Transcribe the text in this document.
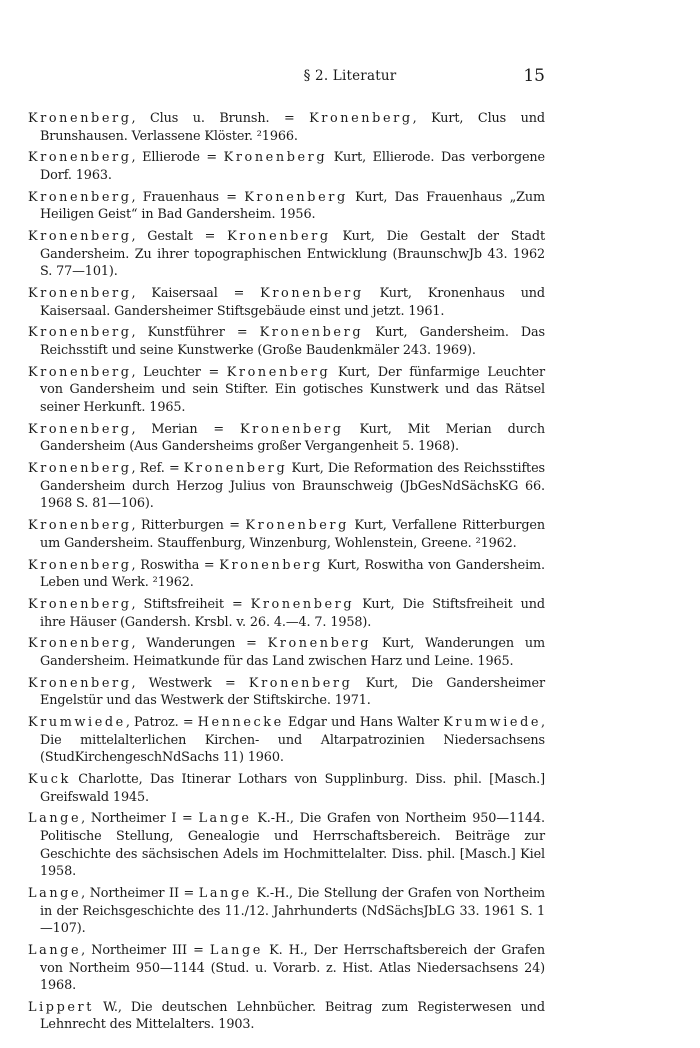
§ 2. Literatur	15

Kronenberg, Clus u. Brunsh. = Kronenberg, Kurt, Clus und Brunshausen. Verlassene Klöster. ²1966.

Kronenberg, Ellierode = Kronenberg Kurt, Ellierode. Das verborgene Dorf. 1963.

Kronenberg, Frauenhaus = Kronenberg Kurt, Das Frauenhaus „Zum Heiligen Geist“ in Bad Gandersheim. 1956.

Kronenberg, Gestalt = Kronenberg Kurt, Die Gestalt der Stadt Gandersheim. Zu ihrer topographischen Entwicklung (BraunschwJb 43. 1962 S. 77—101).

Kronenberg, Kaisersaal = Kronenberg Kurt, Kronenhaus und Kaisersaal. Gandersheimer Stiftsgebäude einst und jetzt. 1961.

Kronenberg, Kunstführer = Kronenberg Kurt, Gandersheim. Das Reichsstift und seine Kunstwerke (Große Baudenkmäler 243. 1969).

Kronenberg, Leuchter = Kronenberg Kurt, Der fünfarmige Leuchter von Gandersheim und sein Stifter. Ein gotisches Kunstwerk und das Rätsel seiner Herkunft. 1965.

Kronenberg, Merian = Kronenberg Kurt, Mit Merian durch Gandersheim (Aus Gandersheims großer Vergangenheit 5. 1968).

Kronenberg, Ref. = Kronenberg Kurt, Die Reformation des Reichsstiftes Gandersheim durch Herzog Julius von Braunschweig (JbGesNdSächsKG 66. 1968 S. 81—106).

Kronenberg, Ritterburgen = Kronenberg Kurt, Verfallene Ritterburgen um Gandersheim. Stauffenburg, Winzenburg, Wohlenstein, Greene. ²1962.

Kronenberg, Roswitha = Kronenberg Kurt, Roswitha von Gandersheim. Leben und Werk. ²1962.

Kronenberg, Stiftsfreiheit = Kronenberg Kurt, Die Stiftsfreiheit und ihre Häuser (Gandersh. Krsbl. v. 26. 4.—4. 7. 1958).

Kronenberg, Wanderungen = Kronenberg Kurt, Wanderungen um Gandersheim. Heimatkunde für das Land zwischen Harz und Leine. 1965.

Kronenberg, Westwerk = Kronenberg Kurt, Die Gandersheimer Engelstür und das Westwerk der Stiftskirche. 1971.

Krumwiede, Patroz. = Hennecke Edgar und Hans Walter Krumwiede, Die mittelalterlichen Kirchen- und Altarpatrozinien Niedersachsens (StudKirchengeschNdSachs 11) 1960.

Kuck Charlotte, Das Itinerar Lothars von Supplinburg. Diss. phil. [Masch.] Greifswald 1945.

Lange, Northeimer I = Lange K.-H., Die Grafen von Northeim 950—1144. Politische Stellung, Genealogie und Herrschaftsbereich. Beiträge zur Geschichte des sächsischen Adels im Hochmittelalter. Diss. phil. [Masch.] Kiel 1958.

Lange, Northeimer II = Lange K.-H., Die Stellung der Grafen von Northeim in der Reichsgeschichte des 11./12. Jahrhunderts (NdSächsJbLG 33. 1961 S. 1—107).

Lange, Northeimer III = Lange K. H., Der Herrschaftsbereich der Grafen von Northeim 950—1144 (Stud. u. Vorarb. z. Hist. Atlas Niedersachsens 24) 1968.

Lippert W., Die deutschen Lehnbücher. Beitrag zum Registerwesen und Lehnrecht des Mittelalters. 1903.
